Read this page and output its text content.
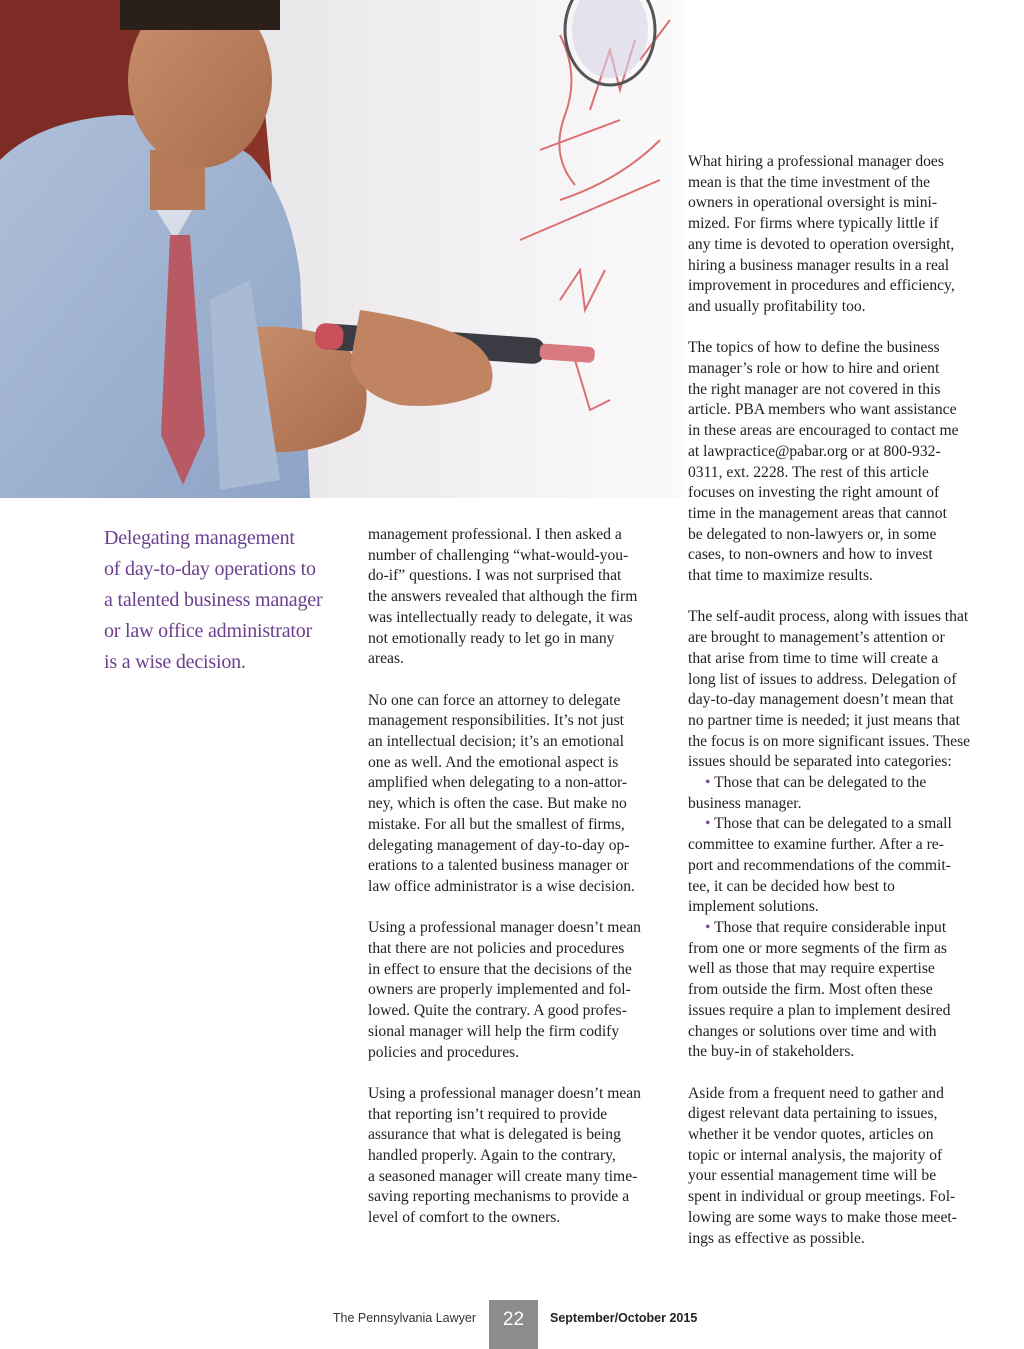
Delegating management
of day-to-day operations to
a talented business manager
or law office administrator
is a wise decision.

management professional. I then asked a
number of challenging “what-would-you-
do-if” questions. I was not surprised that
the answers revealed that although the firm
was intellectually ready to delegate, it was
not emotionally ready to let go in many
areas.

No one can force an attorney to delegate
management responsibilities. It’s not just
an intellectual decision; it’s an emotional
one as well. And the emotional aspect is
amplified when delegating to a non-attor-
ney, which is often the case. But make no
mistake. For all but the smallest of firms,
delegating management of day-to-day op-
erations to a talented business manager or
law office administrator is a wise decision.

Using a professional manager doesn’t mean
that there are not policies and procedures
in effect to ensure that the decisions of the
owners are properly implemented and fol-
lowed. Quite the contrary. A good profes-
sional manager will help the firm codify
policies and procedures.

Using a professional manager doesn’t mean
that reporting isn’t required to provide
assurance that what is delegated is being
handled properly. Again to the contrary,
a seasoned manager will create many time-
saving reporting mechanisms to provide a
level of comfort to the owners.

What hiring a professional manager does
mean is that the time investment of the
owners in operational oversight is mini-
mized. For firms where typically little if
any time is devoted to operation oversight,
hiring a business manager results in a real
improvement in procedures and efficiency,
and usually profitability too.

The topics of how to define the business
manager’s role or how to hire and orient
the right manager are not covered in this
article. PBA members who want assistance
in these areas are encouraged to contact me
at lawpractice@pabar.org or at 800-932-
0311, ext. 2228. The rest of this article
focuses on investing the right amount of
time in the management areas that cannot
be delegated to non-lawyers or, in some
cases, to non-owners and how to invest
that time to maximize results.

The self-audit process, along with issues that
are brought to management’s attention or
that arise from time to time will create a
long list of issues to address. Delegation of
day-to-day management doesn’t mean that
no partner time is needed; it just means that
the focus is on more significant issues. These
issues should be separated into categories:
• Those that can be delegated to the
business manager.
• Those that can be delegated to a small
committee to examine further. After a re-
port and recommendations of the commit-
tee, it can be decided how best to
implement solutions.
• Those that require considerable input
from one or more segments of the firm as
well as those that may require expertise
from outside the firm. Most often these
issues require a plan to implement desired
changes or solutions over time and with
the buy-in of stakeholders.

Aside from a frequent need to gather and
digest relevant data pertaining to issues,
whether it be vendor quotes, articles on
topic or internal analysis, the majority of
your essential management time will be
spent in individual or group meetings. Fol-
lowing are some ways to make those meet-
ings as effective as possible.

The Pennsylvania Lawyer	22	September/October 2015
